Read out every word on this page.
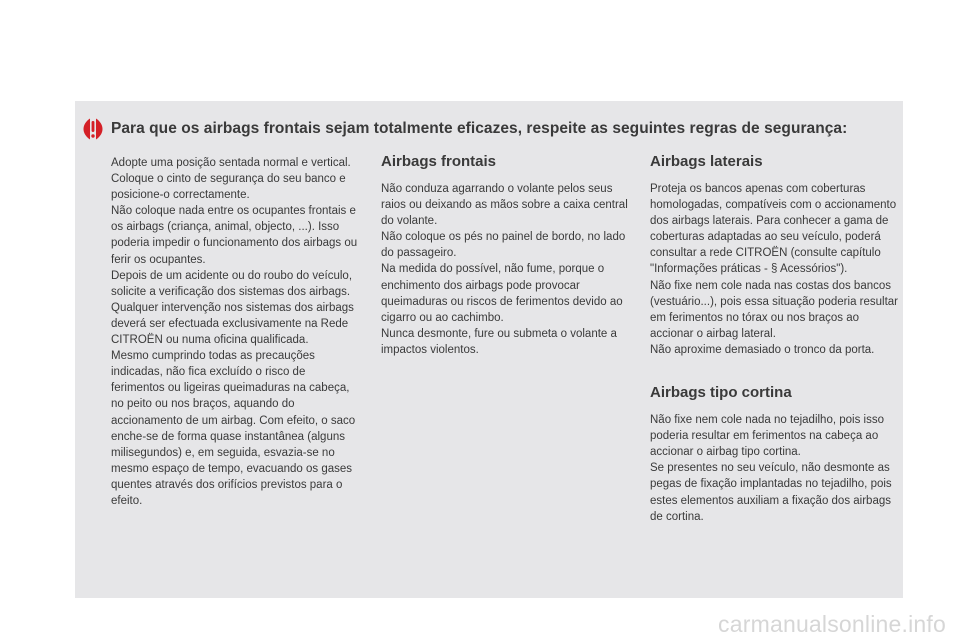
Para que os airbags frontais sejam totalmente eficazes, respeite as seguintes regras de segurança:

Adopte uma posição sentada normal e vertical.

Coloque o cinto de segurança do seu banco e posicione-o correctamente.

Não coloque nada entre os ocupantes frontais e os airbags (criança, animal, objecto, ...). Isso poderia impedir o funcionamento dos airbags ou ferir os ocupantes.

Depois de um acidente ou do roubo do veículo, solicite a verificação dos sistemas dos airbags.

Qualquer intervenção nos sistemas dos airbags deverá ser efectuada exclusivamente na Rede CITROËN ou numa oficina qualificada.

Mesmo cumprindo todas as precauções indicadas, não fica excluído o risco de ferimentos ou ligeiras queimaduras na cabeça, no peito ou nos braços, aquando do accionamento de um airbag. Com efeito, o saco enche-se de forma quase instantânea (alguns milisegundos) e, em seguida, esvazia-se no mesmo espaço de tempo, evacuando os gases quentes através dos orifícios previstos para o efeito.

Airbags frontais

Não conduza agarrando o volante pelos seus raios ou deixando as mãos sobre a caixa central do volante.

Não coloque os pés no painel de bordo, no lado do passageiro.

Na medida do possível, não fume, porque o enchimento dos airbags pode provocar queimaduras ou riscos de ferimentos devido ao cigarro ou ao cachimbo.

Nunca desmonte, fure ou submeta o volante a impactos violentos.

Airbags laterais

Proteja os bancos apenas com coberturas homologadas, compatíveis com o accionamento dos airbags laterais. Para conhecer a gama de coberturas adaptadas ao seu veículo, poderá consultar a rede CITROËN (consulte capítulo "Informações práticas - § Acessórios").

Não fixe nem cole nada nas costas dos bancos (vestuário...), pois essa situação poderia resultar em ferimentos no tórax ou nos braços ao accionar o airbag lateral.

Não aproxime demasiado o tronco da porta.

Airbags tipo cortina

Não fixe nem cole nada no tejadilho, pois isso poderia resultar em ferimentos na cabeça ao accionar o airbag tipo cortina.

Se presentes no seu veículo, não desmonte as pegas de fixação implantadas no tejadilho, pois estes elementos auxiliam a fixação dos airbags de cortina.

carmanualsonline.info
